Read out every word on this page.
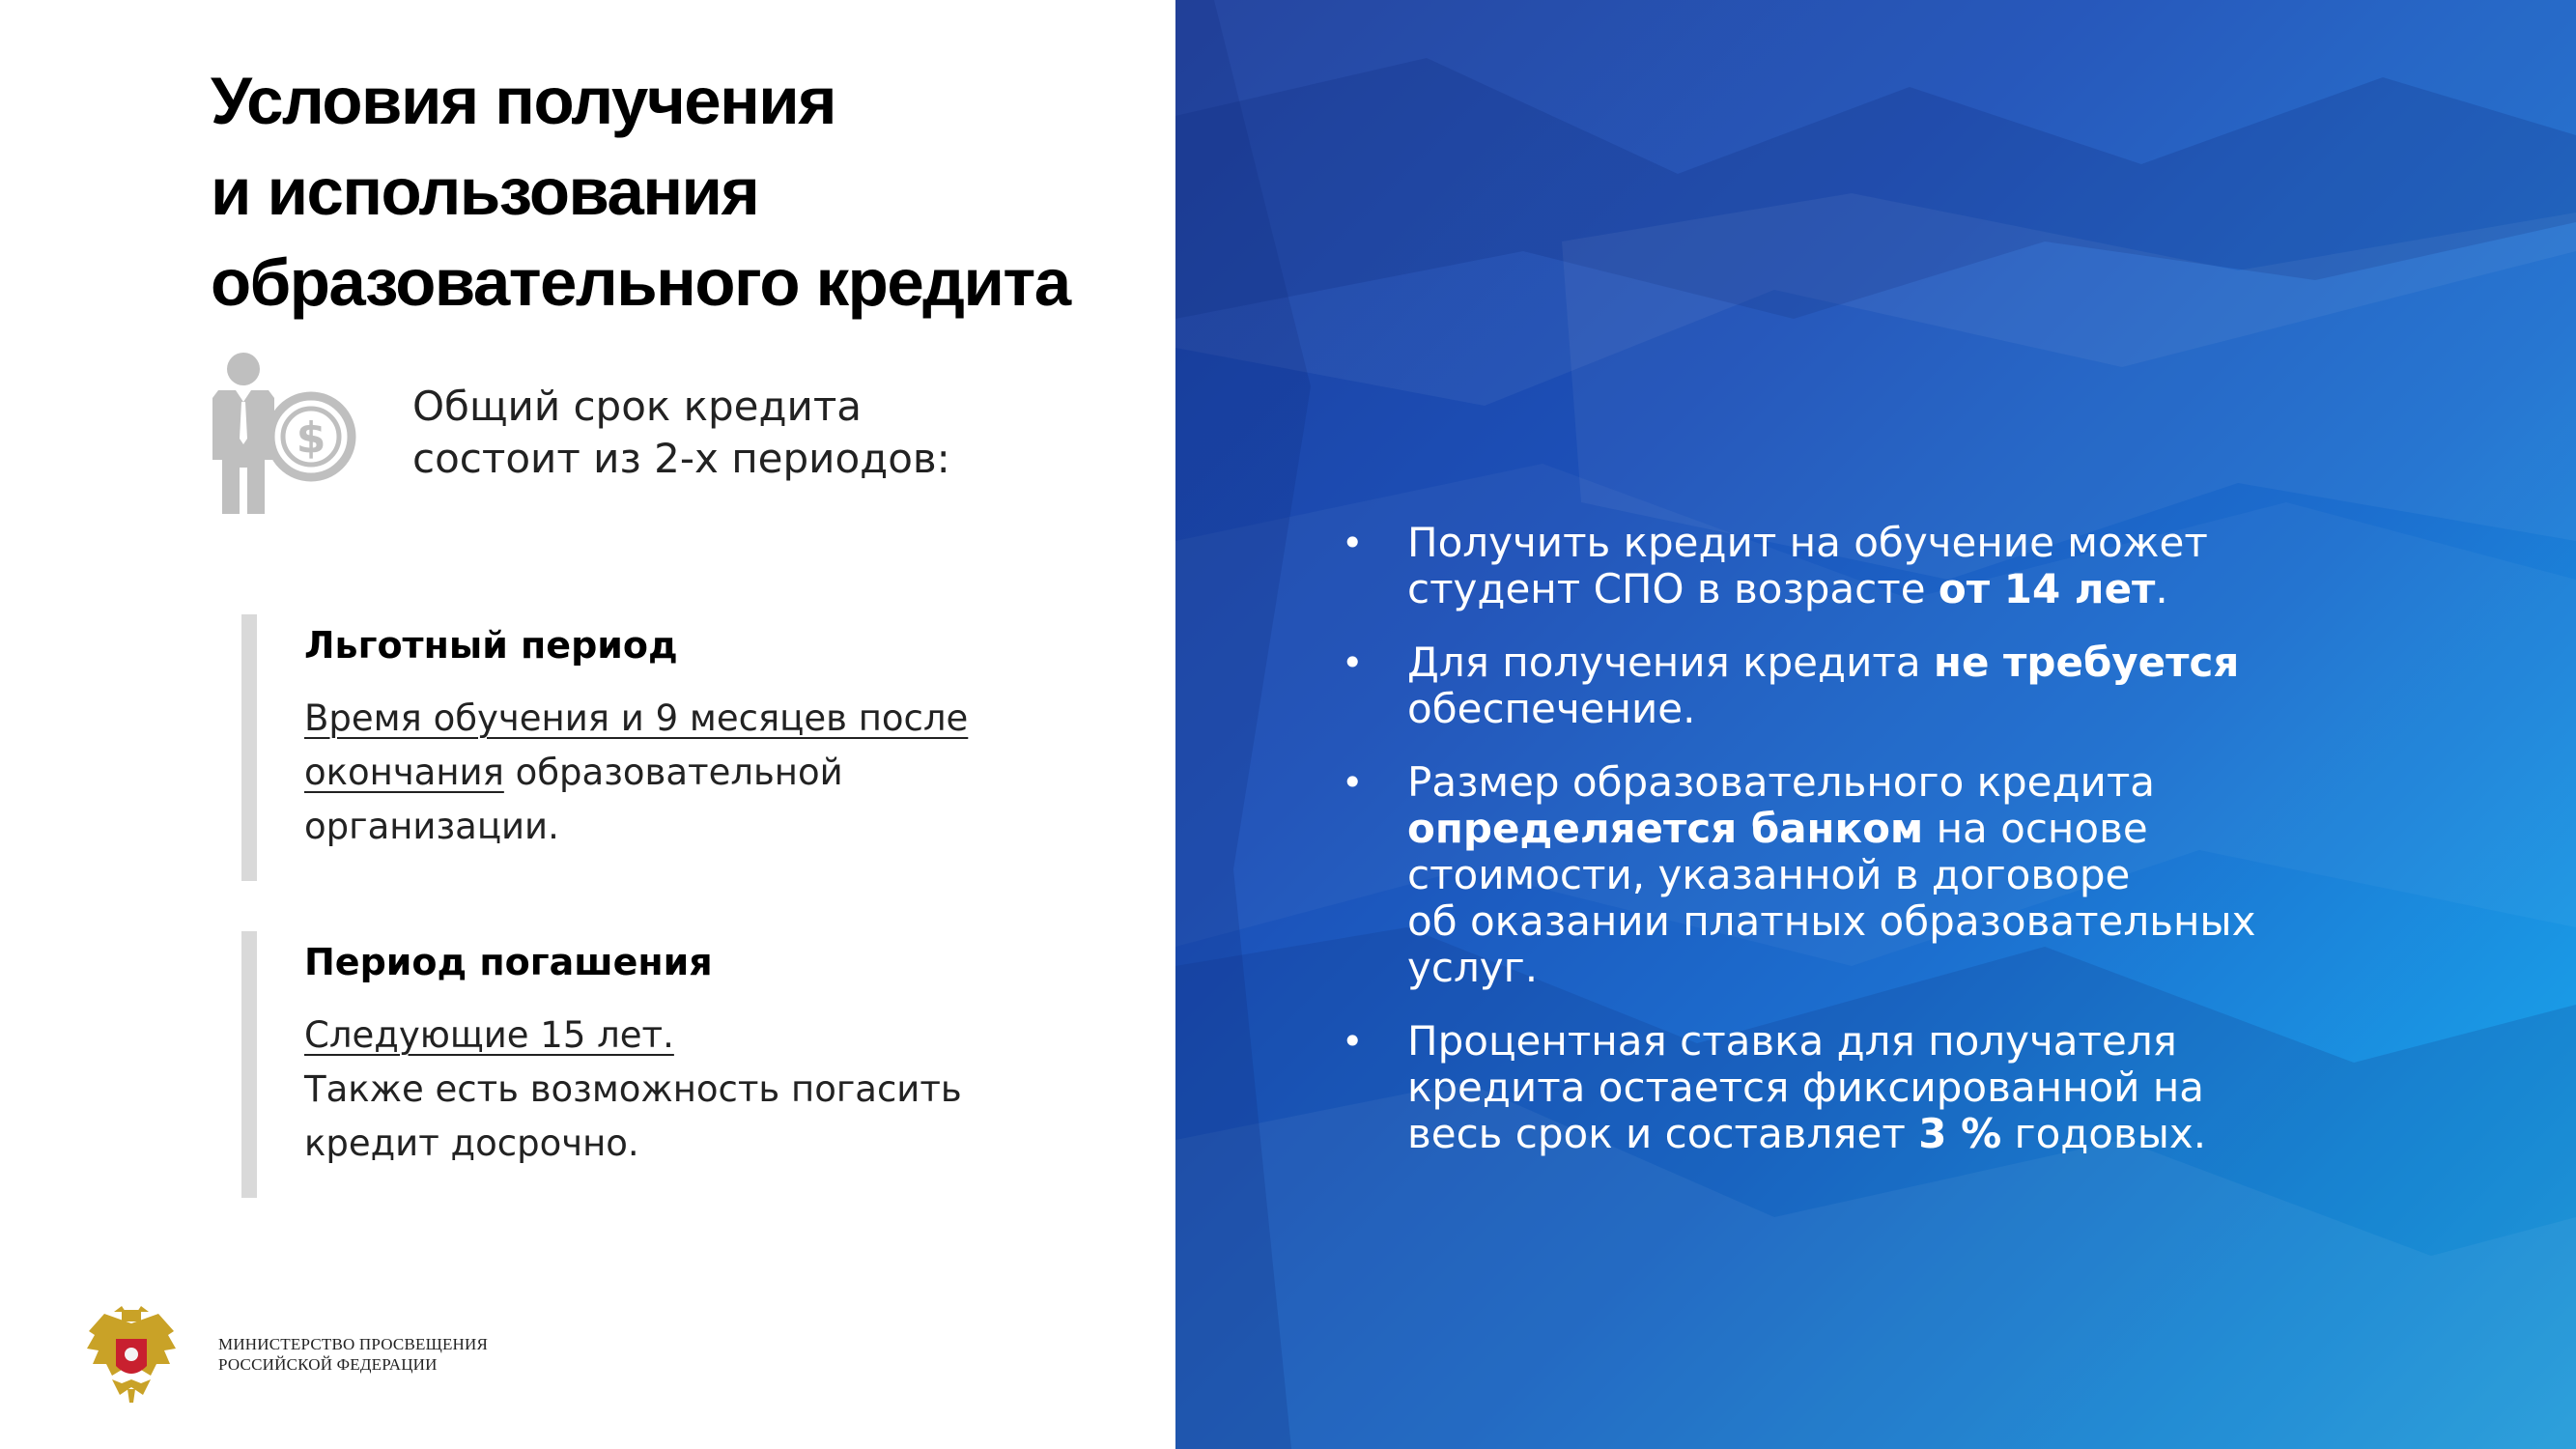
Условия получения
и использования
образовательного кредита
$
Общий срок кредита
состоит из 2-х периодов:
Льготный период
Время обучения и 9 месяцев после
окончания образовательной
организации.
Период погашения
Следующие 15 лет.
Также есть возможность погасить
кредит досрочно.
МИНИСТЕРСТВО ПРОСВЕЩЕНИЯ
РОССИЙСКОЙ ФЕДЕРАЦИИ
• Получить кредит на обучение может
студент СПО в возрасте от 14 лет.
• Для получения кредита не требуется
обеспечение.
• Размер образовательного кредита
определяется банком на основе
стоимости, указанной в договоре
об оказании платных образовательных
услуг.
• Процентная ставка для получателя
кредита остается фиксированной на
весь срок и составляет 3 % годовых.
